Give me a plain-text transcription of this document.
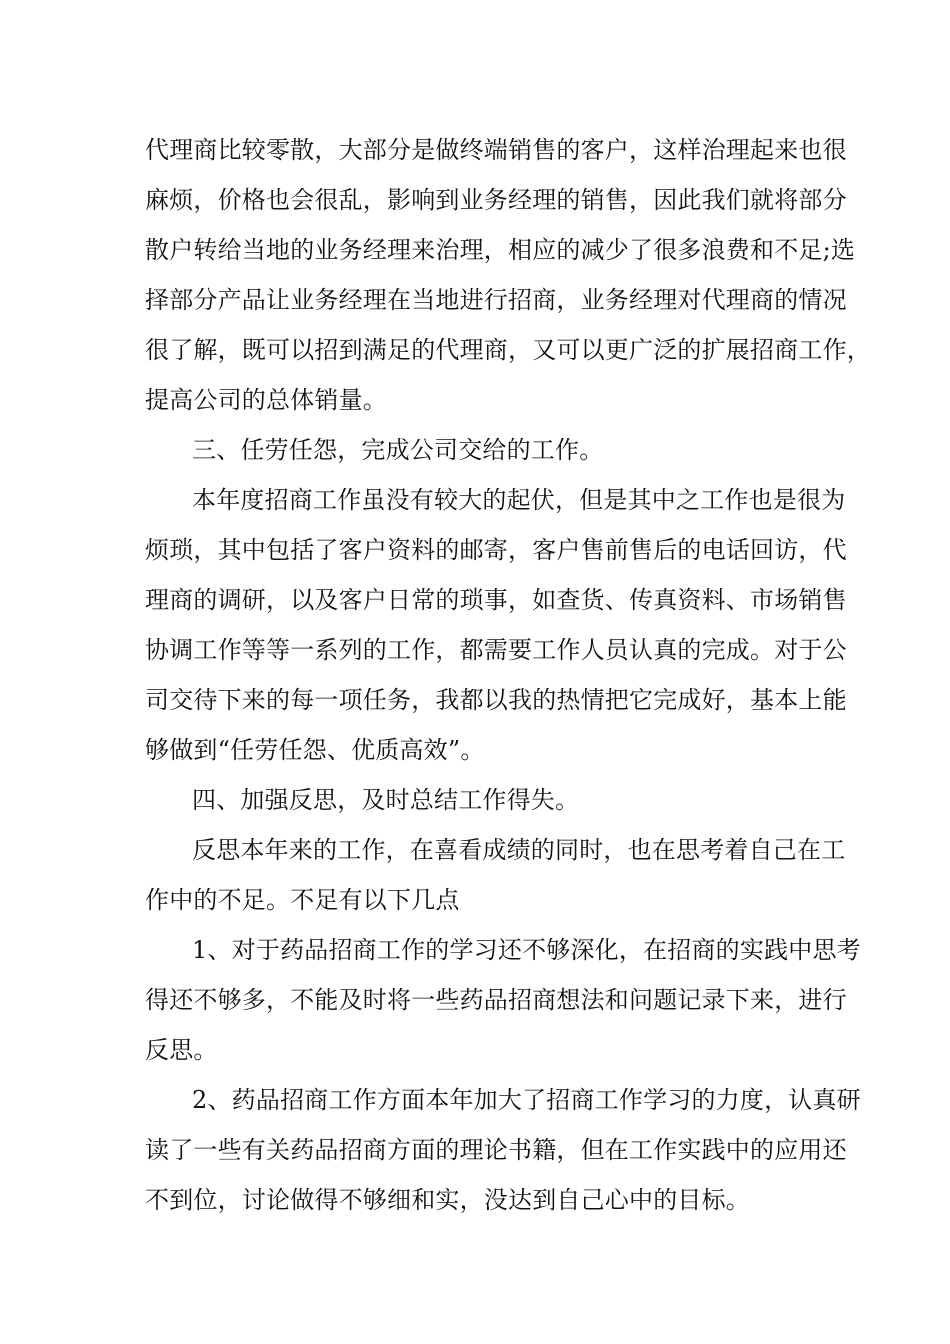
代理商比较零散，大部分是做终端销售的客户，这样治理起来也很

麻烦，价格也会很乱，影响到业务经理的销售，因此我们就将部分

散户转给当地的业务经理来治理，相应的减少了很多浪费和不足;选

择部分产品让业务经理在当地进行招商，业务经理对代理商的情况

很了解，既可以招到满足的代理商，又可以更广泛的扩展招商工作，

提高公司的总体销量。

三、任劳任怨，完成公司交给的工作。

本年度招商工作虽没有较大的起伏，但是其中之工作也是很为

烦琐，其中包括了客户资料的邮寄，客户售前售后的电话回访，代

理商的调研，以及客户日常的琐事，如查货、传真资料、市场销售

协调工作等等一系列的工作，都需要工作人员认真的完成。对于公

司交待下来的每一项任务，我都以我的热情把它完成好，基本上能

够做到“任劳任怨、优质高效”。

四、加强反思，及时总结工作得失。

反思本年来的工作，在喜看成绩的同时，也在思考着自己在工

作中的不足。不足有以下几点

1、对于药品招商工作的学习还不够深化，在招商的实践中思考

得还不够多，不能及时将一些药品招商想法和问题记录下来，进行

反思。

2、药品招商工作方面本年加大了招商工作学习的力度，认真研

读了一些有关药品招商方面的理论书籍，但在工作实践中的应用还

不到位，讨论做得不够细和实，没达到自己心中的目标。
